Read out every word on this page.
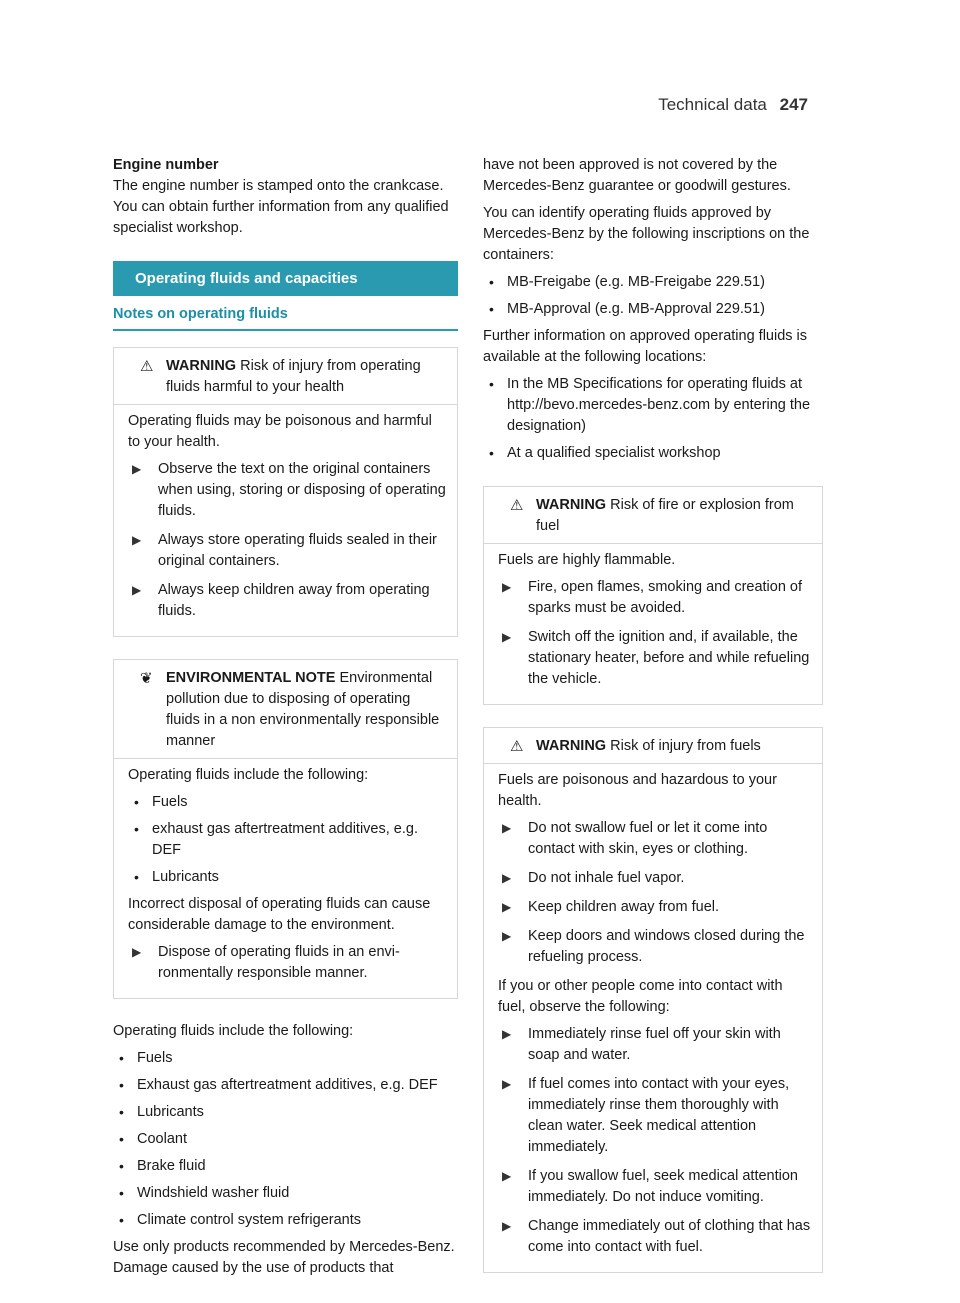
Technical data 247

Engine number

The engine number is stamped onto the crankcase. You can obtain further information from any qualified specialist workshop.

Operating fluids and capacities
Notes on operating fluids
⚠ WARNING Risk of injury from operating fluids harmful to your health

Operating fluids may be poisonous and harmful to your health.

▶	Observe the text on the original containers when using, storing or disposing of operating fluids.
▶	Always store operating fluids sealed in their original containers.
▶	Always keep children away from operating fluids.
❦ ENVIRONMENTAL NOTE Environmental pollution due to disposing of operating fluids in a non environmentally responsible manner

Operating fluids include the following:

• Fuels
• exhaust gas aftertreatment additives, e.g. DEF
• Lubricants

Incorrect disposal of operating fluids can cause considerable damage to the environment.

▶	Dispose of operating fluids in an environmentally responsible manner.

Operating fluids include the following:

• Fuels
• Exhaust gas aftertreatment additives, e.g. DEF
• Lubricants
• Coolant
• Brake fluid
• Windshield washer fluid
• Climate control system refrigerants

Use only products recommended by Mercedes-Benz. Damage caused by the use of products that

have not been approved is not covered by the Mercedes-Benz guarantee or goodwill gestures.

You can identify operating fluids approved by Mercedes-Benz by the following inscriptions on the containers:

• MB-Freigabe (e.g. MB-Freigabe 229.51)
• MB-Approval (e.g. MB-Approval 229.51)

Further information on approved operating fluids is available at the following locations:

• In the MB Specifications for operating fluids at http://bevo.mercedes-benz.com by entering the designation)
• At a qualified specialist workshop
⚠ WARNING Risk of fire or explosion from fuel

Fuels are highly flammable.

▶	Fire, open flames, smoking and creation of sparks must be avoided.
▶	Switch off the ignition and, if available, the stationary heater, before and while refueling the vehicle.
⚠ WARNING Risk of injury from fuels

Fuels are poisonous and hazardous to your health.

▶	Do not swallow fuel or let it come into contact with skin, eyes or clothing.
▶	Do not inhale fuel vapor.
▶	Keep children away from fuel.
▶	Keep doors and windows closed during the refueling process.

If you or other people come into contact with fuel, observe the following:

▶	Immediately rinse fuel off your skin with soap and water.
▶	If fuel comes into contact with your eyes, immediately rinse them thoroughly with clean water. Seek medical attention immediately.
▶	If you swallow fuel, seek medical attention immediately. Do not induce vomiting.
▶	Change immediately out of clothing that has come into contact with fuel.
